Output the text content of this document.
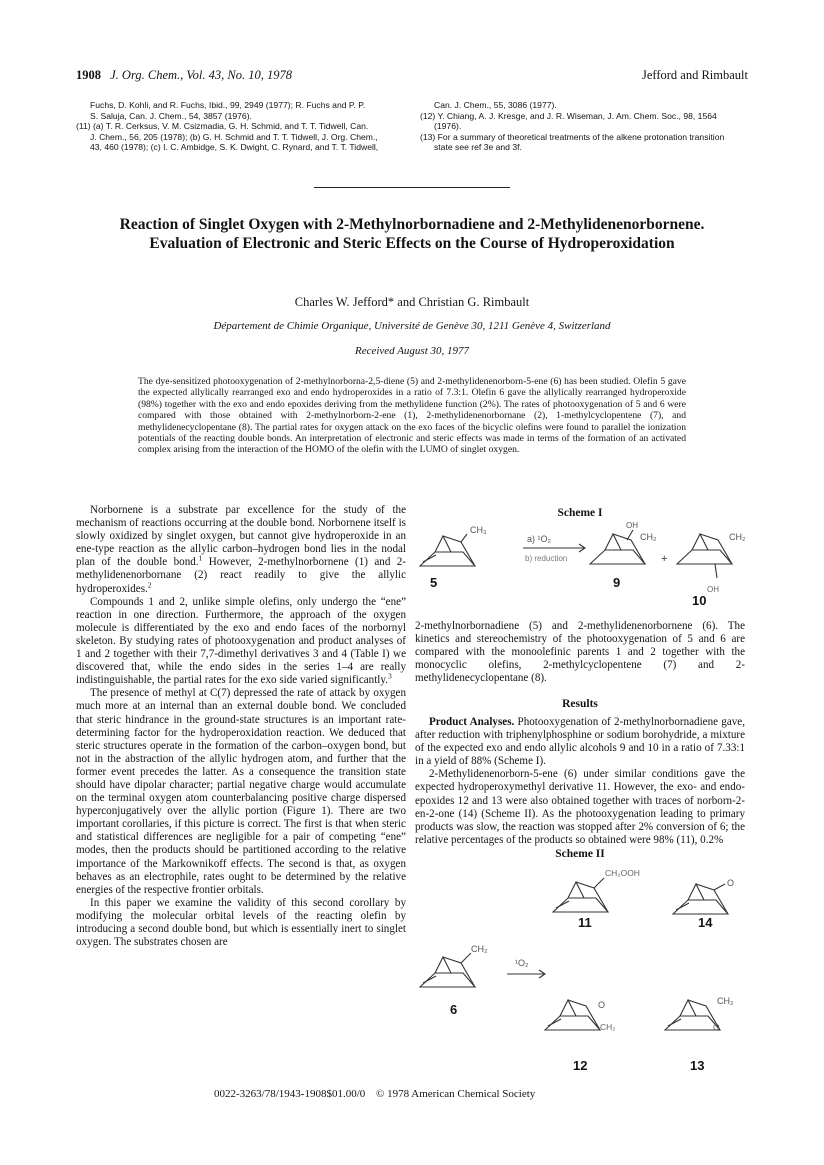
1908 J. Org. Chem., Vol. 43, No. 10, 1978	Jefford and Rimbault

Fuchs, D. Kohli, and R. Fuchs, Ibid., 99, 2949 (1977); R. Fuchs and P. P.

S. Saluja, Can. J. Chem., 54, 3857 (1976).

(11) (a) T. R. Cerksus, V. M. Csizmadia, G. H. Schmid, and T. T. Tidwell, Can.

J. Chem., 56, 205 (1978); (b) G. H. Schmid and T. T. Tidwell, J. Org. Chem.,

43, 460 (1978); (c) I. C. Ambidge, S. K. Dwight, C. Rynard, and T. T. Tidwell,

Can. J. Chem., 55, 3086 (1977).

(12) Y. Chiang, A. J. Kresge, and J. R. Wiseman, J. Am. Chem. Soc., 98, 1564

(1976).

(13) For a summary of theoretical treatments of the alkene protonation transition

state see ref 3e and 3f.

Reaction of Singlet Oxygen with 2-Methylnorbornadiene and 2-Methylidenenorbornene. Evaluation of Electronic and Steric Effects on the Course of Hydroperoxidation
Charles W. Jefford* and Christian G. Rimbault
Département de Chimie Organique, Université de Genève 30, 1211 Genève 4, Switzerland
Received August 30, 1977

The dye-sensitized photooxygenation of 2-methylnorborna-2,5-diene (5) and 2-methylidenenorborn-5-ene (6) has been studied. Olefin 5 gave the expected allylically rearranged exo and endo hydroperoxides in a ratio of 7.3:1. Olefin 6 gave the allylically rearranged hydroperoxide (98%) together with the exo and endo epoxides deriving from the methylidene function (2%). The rates of photooxygenation of 5 and 6 were compared with those obtained with 2-methylnorborn-2-ene (1), 2-methylidenenorbornane (2), 1-methylcyclopentene (7), and methylidenecyclopentane (8). The partial rates for oxygen attack on the exo faces of the bicyclic olefins were found to parallel the ionization potentials of the reacting double bonds. An interpretation of electronic and steric effects was made in terms of the formation of an activated complex arising from the interaction of the HOMO of the olefin with the LUMO of singlet oxygen.

Norbornene is a substrate par excellence for the study of the mechanism of reactions occurring at the double bond. Norbornene itself is slowly oxidized by singlet oxygen, but cannot give hydroperoxide in an ene-type reaction as the allylic carbon–hydrogen bond lies in the nodal plan of the double bond.$^1$ However, 2-methylnorbornene (1) and 2-methylidenenorbornane (2) react readily to give the allylic hydroperoxides.$^2$

Compounds 1 and 2, unlike simple olefins, only undergo the “ene” reaction in one direction. Furthermore, the approach of the oxygen molecule is differentiated by the exo and endo faces of the norbornyl skeleton. By studying rates of photooxygenation and product analyses of 1 and 2 together with their 7,7-dimethyl derivatives 3 and 4 (Table I) we discovered that, while the endo sides in the series 1–4 are really indistinguishable, the partial rates for the exo side varied significantly.$^3$

The presence of methyl at C(7) depressed the rate of attack by oxygen much more at an internal than an external double bond. We concluded that steric hindrance in the ground-state structures is an important rate-determining factor for the hydroperoxidation reaction. We deduced that steric structures operate in the formation of the carbon–oxygen bond, but not in the abstraction of the allylic hydrogen atom, and further that the former event precedes the latter. As a consequence the transition state should have dipolar character; partial negative charge would accumulate on the terminal oxygen atom counterbalancing positive charge dispersed hyperconjugatively over the allylic portion (Figure 1). There are two important corollaries, if this picture is correct. The first is that when steric and statistical differences are negligible for a pair of competing “ene” modes, then the products should be partitioned according to the relative importance of the Markownikoff effects. The second is that, as oxygen behaves as an electrophile, rates ought to be determined by the relative energies of the respective frontier orbitals.

In this paper we examine the validity of this second corollary by modifying the molecular orbital levels of the reacting olefin by introducing a second double bond, but which is essentially inert to singlet oxygen. The substrates chosen are

Scheme I
CH₃
a) ¹O₂
b) reduction
OH
CH₂
+
CH₂
OH
5	9
10

2-methylnorbornadiene (5) and 2-methylidenenorbornene (6). The kinetics and stereochemistry of the photooxygenation of 5 and 6 are compared with the monoolefinic parents 1 and 2 together with the monocyclic olefins, 2-methylcyclopentene (7) and 2-methylidenecyclopentane (8).

Results

Product Analyses. Photooxygenation of 2-methylnorbornadiene gave, after reduction with triphenylphosphine or sodium borohydride, a mixture of the expected exo and endo allylic alcohols 9 and 10 in a ratio of 7.33:1 in a yield of 88% (Scheme I).

2-Methylidenenorborn-5-ene (6) under similar conditions gave the expected hydroperoxymethyl derivative 11. However, the exo- and endo-epoxides 12 and 13 were also obtained together with traces of norborn-2-en-2-one (14) (Scheme II). As the photooxygenation leading to primary products was slow, the reaction was stopped after 2% conversion of 6; the relative percentages of the products so obtained were 98% (11), 0.2%

Scheme II
CH₂OOH
O
CH₂
¹O₂
O
CH₂
CH₂
O
11	14
6
12	13
0022-3263/78/1943-1908$01.00/0 © 1978 American Chemical Society
